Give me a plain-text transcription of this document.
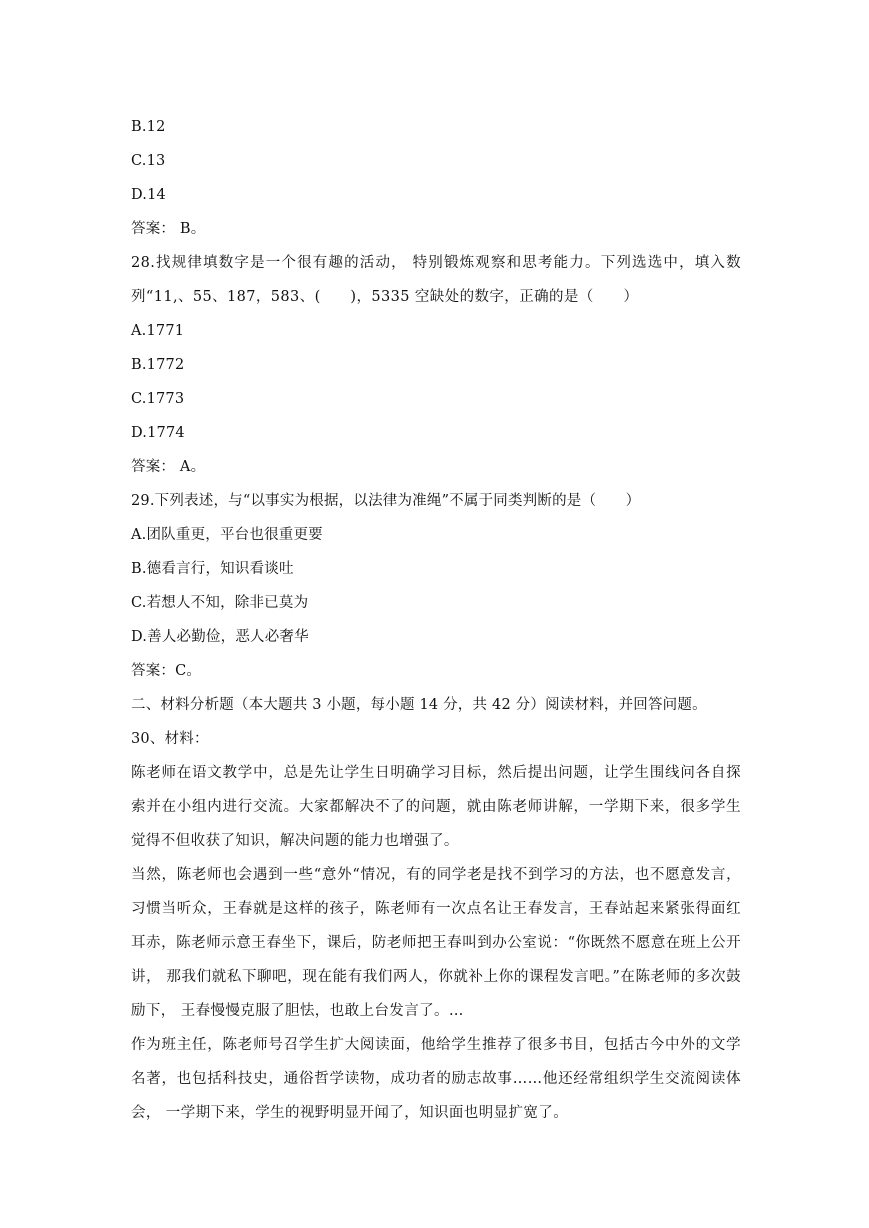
B.12
C.13
D.14
答案： B。
28.找规律填数字是一个很有趣的活动， 特别锻炼观察和思考能力。下列选选中，填入数列“11,、55、187，583、(　　)，5335 空缺处的数字，正确的是（　　）
A.1771
B.1772
C.1773
D.1774
答案： A。
29.下列表述，与“以事实为根据，以法律为准绳”不属于同类判断的是（　　）
A.团队重更，平台也很重更要
B.德看言行，知识看谈吐
C.若想人不知，除非已莫为
D.善人必勤俭，恶人必奢华
答案：C。
二、材料分析题（本大题共 3 小题，每小题 14 分，共 42 分）阅读材料，并回答问题。
30、材料：
陈老师在语文教学中，总是先让学生日明确学习目标，然后提出问题，让学生围线问各自探索并在小组内进行交流。大家都解决不了的问题，就由陈老师讲解，一学期下来，很多学生觉得不但收获了知识，解决问题的能力也增强了。
当然，陈老师也会遇到一些“意外“情况，有的同学老是找不到学习的方法，也不愿意发言，习惯当听众，王春就是这样的孩子，陈老师有一次点名让王春发言，王春站起来紧张得面红耳赤，陈老师示意王春坐下，课后，防老师把王春叫到办公室说：“你既然不愿意在班上公开讲， 那我们就私下聊吧，现在能有我们两人，你就补上你的课程发言吧。”在陈老师的多次鼓励下， 王春慢慢克服了胆怯，也敢上台发言了。…
作为班主任，陈老师号召学生扩大阅读面，他给学生推荐了很多书目，包括古今中外的文学名著，也包括科技史，通俗哲学读物，成功者的励志故事……他还经常组织学生交流阅读体会， 一学期下来，学生的视野明显开闻了，知识面也明显扩宽了。
